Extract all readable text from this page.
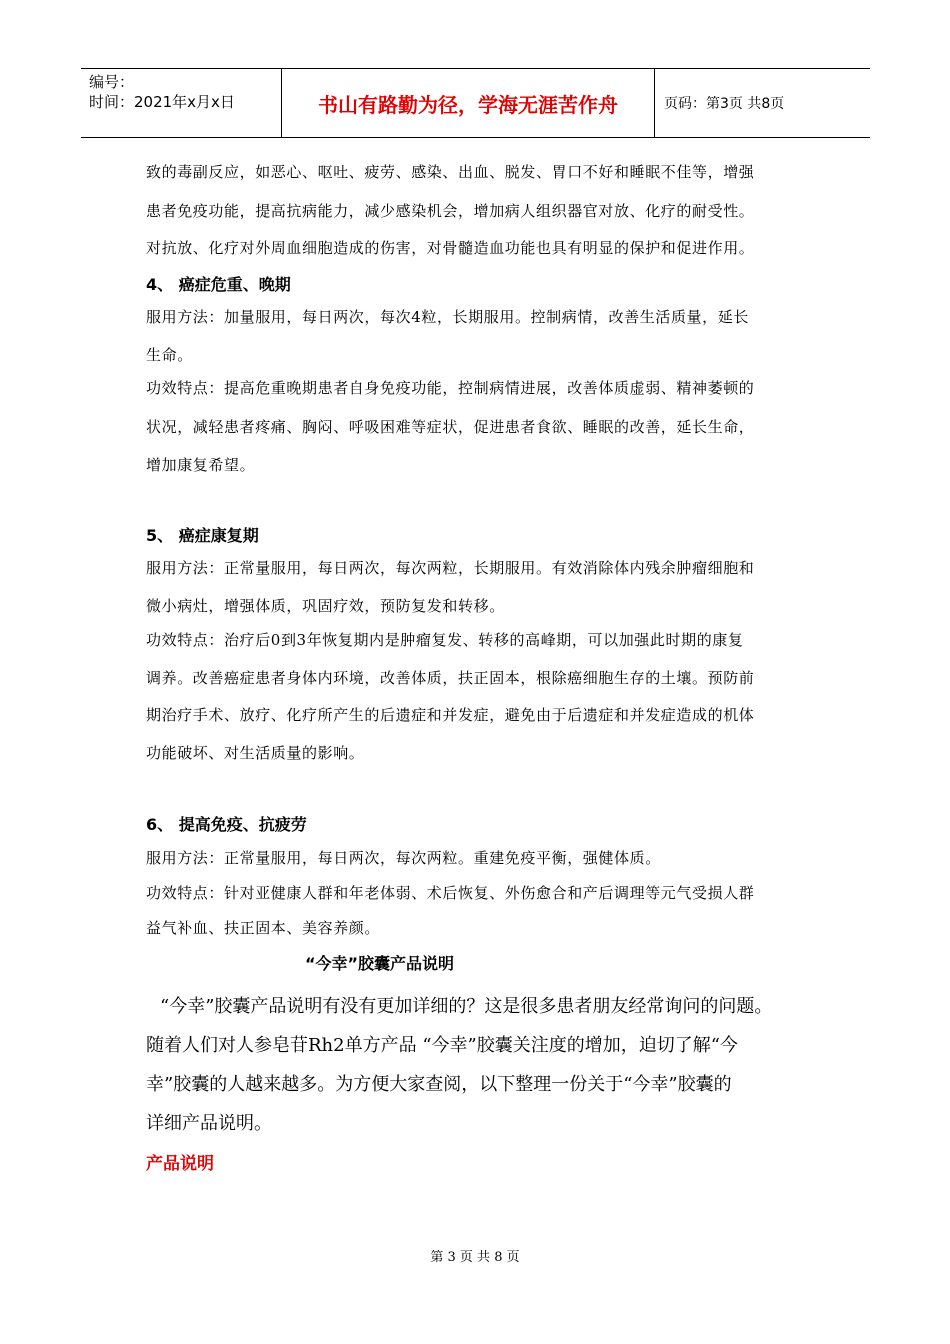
编号：
时间：2021年x月x日	书山有路勤为径，学海无涯苦作舟	页码：第3页 共8页
致的毒副反应，如恶心、呕吐、疲劳、感染、出血、脱发、胃口不好和睡眠不佳等，增强
患者免疫功能，提高抗病能力，减少感染机会，增加病人组织器官对放、化疗的耐受性。
对抗放、化疗对外周血细胞造成的伤害，对骨髓造血功能也具有明显的保护和促进作用。
4、 癌症危重、晚期
服用方法：加量服用，每日两次，每次4粒，长期服用。控制病情，改善生活质量，延长
生命。
功效特点：提高危重晚期患者自身免疫功能，控制病情进展，改善体质虚弱、精神萎顿的
状况，减轻患者疼痛、胸闷、呼吸困难等症状，促进患者食欲、睡眠的改善，延长生命，
增加康复希望。
5、 癌症康复期
服用方法：正常量服用，每日两次，每次两粒，长期服用。有效消除体内残余肿瘤细胞和
微小病灶，增强体质，巩固疗效，预防复发和转移。
功效特点：治疗后0到3年恢复期内是肿瘤复发、转移的高峰期，可以加强此时期的康复
调养。改善癌症患者身体内环境，改善体质，扶正固本，根除癌细胞生存的土壤。预防前
期治疗手术、放疗、化疗所产生的后遗症和并发症，避免由于后遗症和并发症造成的机体
功能破坏、对生活质量的影响。
6、 提高免疫、抗疲劳
服用方法：正常量服用，每日两次，每次两粒。重建免疫平衡，强健体质。
功效特点：针对亚健康人群和年老体弱、术后恢复、外伤愈合和产后调理等元气受损人群
益气补血、扶正固本、美容养颜。
“今幸”胶囊产品说明
“今幸”胶囊产品说明有没有更加详细的？这是很多患者朋友经常询问的问题。
随着人们对人参皂苷Rh2单方产品 “今幸”胶囊关注度的增加，迫切了解“今
幸”胶囊的人越来越多。为方便大家查阅，以下整理一份关于“今幸”胶囊的
详细产品说明。
产品说明
第 3 页 共 8 页
